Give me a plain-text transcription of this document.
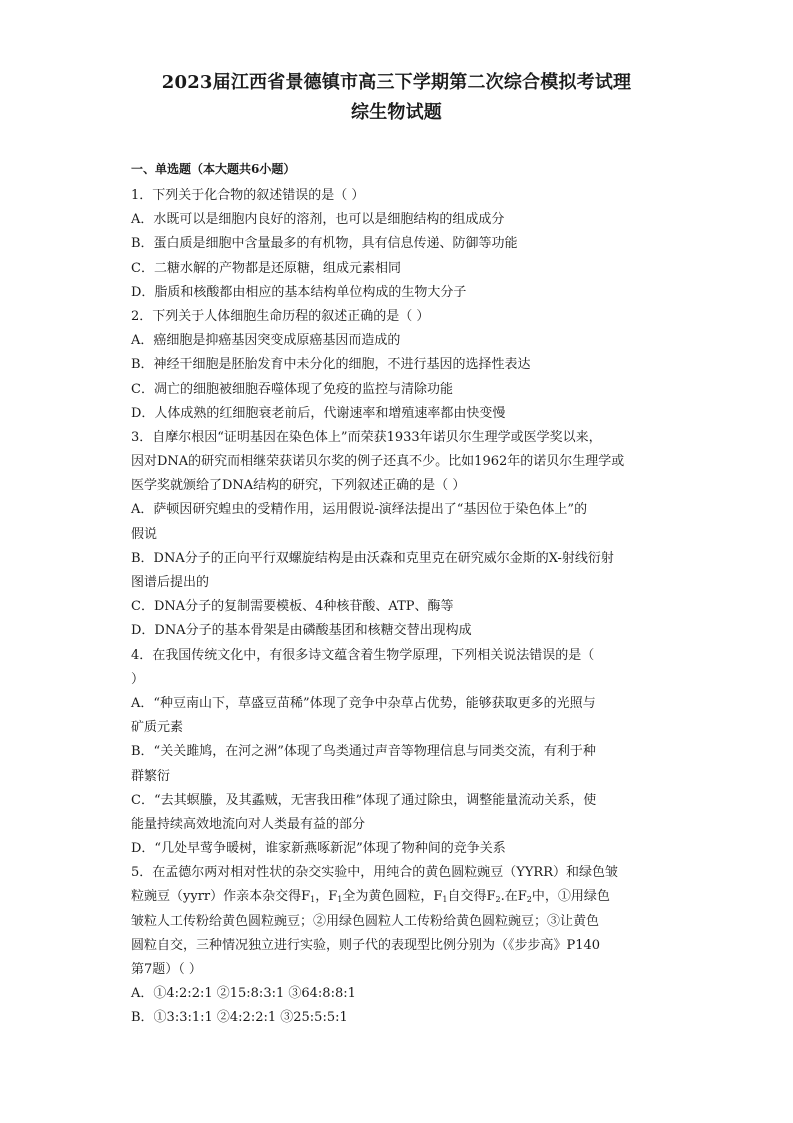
2023届江西省景德镇市高三下学期第二次综合模拟考试理
综生物试题
一、单选题（本大题共6小题）
1．下列关于化合物的叙述错误的是（ ）
A．水既可以是细胞内良好的溶剂，也可以是细胞结构的组成成分
B．蛋白质是细胞中含量最多的有机物，具有信息传递、防御等功能
C．二糖水解的产物都是还原糖，组成元素相同
D．脂质和核酸都由相应的基本结构单位构成的生物大分子
2．下列关于人体细胞生命历程的叙述正确的是（ ）
A．癌细胞是抑癌基因突变成原癌基因而造成的
B．神经干细胞是胚胎发育中未分化的细胞，不进行基因的选择性表达
C．凋亡的细胞被细胞吞噬体现了免疫的监控与清除功能
D．人体成熟的红细胞衰老前后，代谢速率和增殖速率都由快变慢
3．自摩尔根因“证明基因在染色体上”而荣获1933年诺贝尔生理学或医学奖以来，
因对DNA的研究而相继荣获诺贝尔奖的例子还真不少。比如1962年的诺贝尔生理学或
医学奖就颁给了DNA结构的研究，下列叙述正确的是（ ）
A．萨顿因研究蝗虫的受精作用，运用假说-演绎法提出了“基因位于染色体上”的
假说
B．DNA分子的正向平行双螺旋结构是由沃森和克里克在研究威尔金斯的X-射线衍射
图谱后提出的
C．DNA分子的复制需要模板、4种核苷酸、ATP、酶等
D．DNA分子的基本骨架是由磷酸基团和核糖交替出现构成
4．在我国传统文化中，有很多诗文蕴含着生物学原理，下列相关说法错误的是（
）
A．“种豆南山下，草盛豆苗稀”体现了竞争中杂草占优势，能够获取更多的光照与
矿质元素
B．“关关雎鸠，在河之洲”体现了鸟类通过声音等物理信息与同类交流，有利于种
群繁衍
C．“去其螟螣，及其蟊贼，无害我田稚”体现了通过除虫，调整能量流动关系，使
能量持续高效地流向对人类最有益的部分
D．“几处早莺争暖树，谁家新燕啄新泥”体现了物种间的竞争关系
5．在孟德尔两对相对性状的杂交实验中，用纯合的黄色圆粒豌豆（YYRR）和绿色皱
粒豌豆（yyrr）作亲本杂交得$F_1$，$F_1$全为黄色圆粒，$F_1$自交得$F_2$.在$F_2$中，①用绿色
皱粒人工传粉给黄色圆粒豌豆；②用绿色圆粒人工传粉给黄色圆粒豌豆；③让黄色
圆粒自交，三种情况独立进行实验，则子代的表现型比例分别为（《步步高》P140
第7题）（ ）
A．①4:2:2:1 ②15:8:3:1 ③64:8:8:1
B．①3:3:1:1 ②4:2:2:1 ③25:5:5:1
